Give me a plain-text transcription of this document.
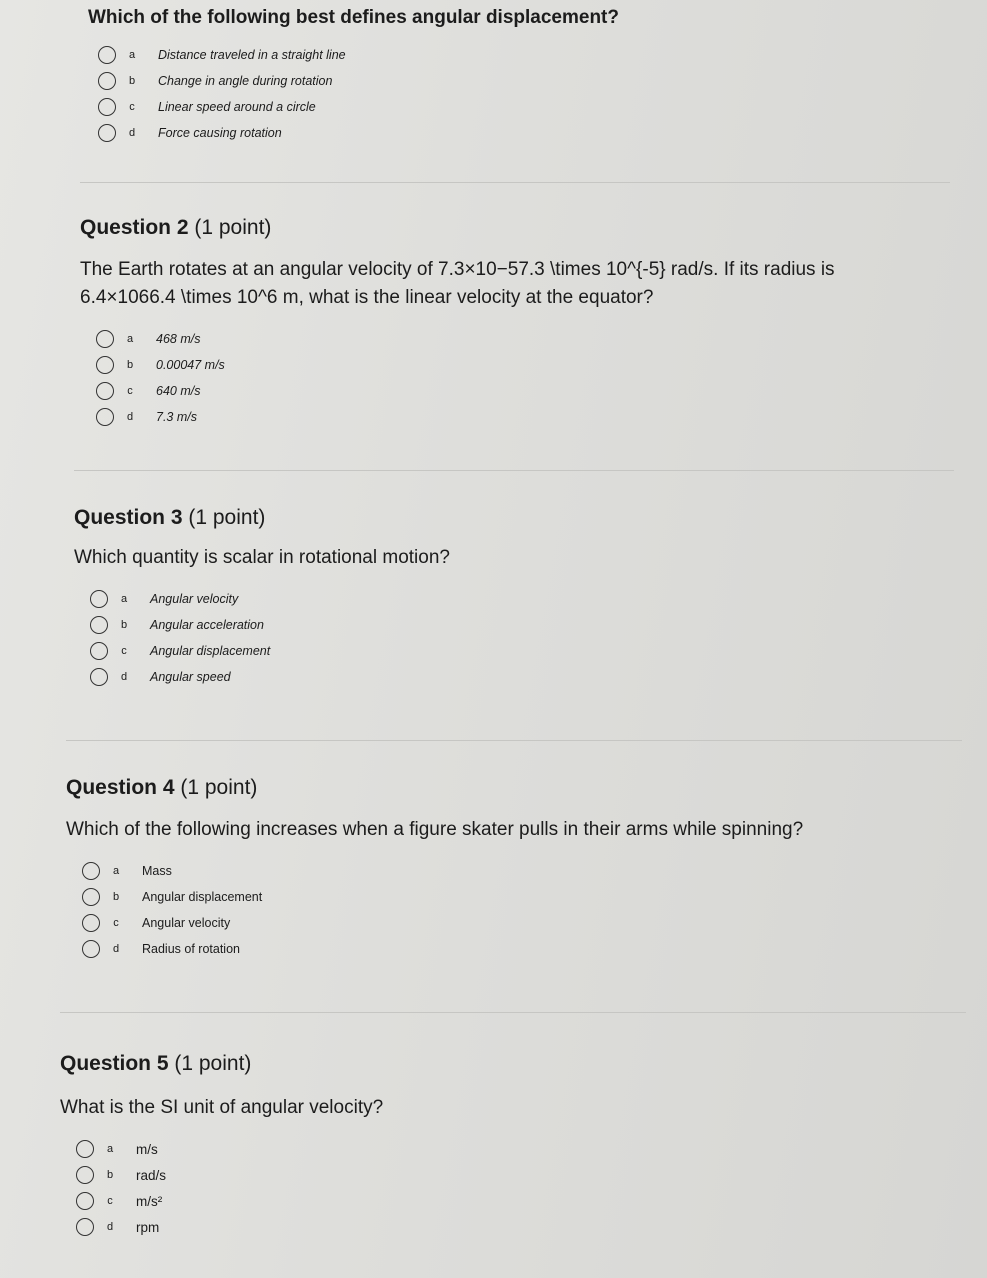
Which of the following best defines angular displacement?
a Distance traveled in a straight line
b Change in angle during rotation
c Linear speed around a circle
d Force causing rotation
Question 2 (1 point)
The Earth rotates at an angular velocity of 7.3×10−57.3 \times 10^{-5} rad/s. If its radius is
6.4×1066.4 \times 10^6 m, what is the linear velocity at the equator?
a 468 m/s
b 0.00047 m/s
c 640 m/s
d 7.3 m/s
Question 3 (1 point)
Which quantity is scalar in rotational motion?
a Angular velocity
b Angular acceleration
c Angular displacement
d Angular speed
Question 4 (1 point)
Which of the following increases when a figure skater pulls in their arms while spinning?
a Mass
b Angular displacement
c Angular velocity
d Radius of rotation
Question 5 (1 point)
What is the SI unit of angular velocity?
a m/s
b rad/s
c m/s²
d rpm
